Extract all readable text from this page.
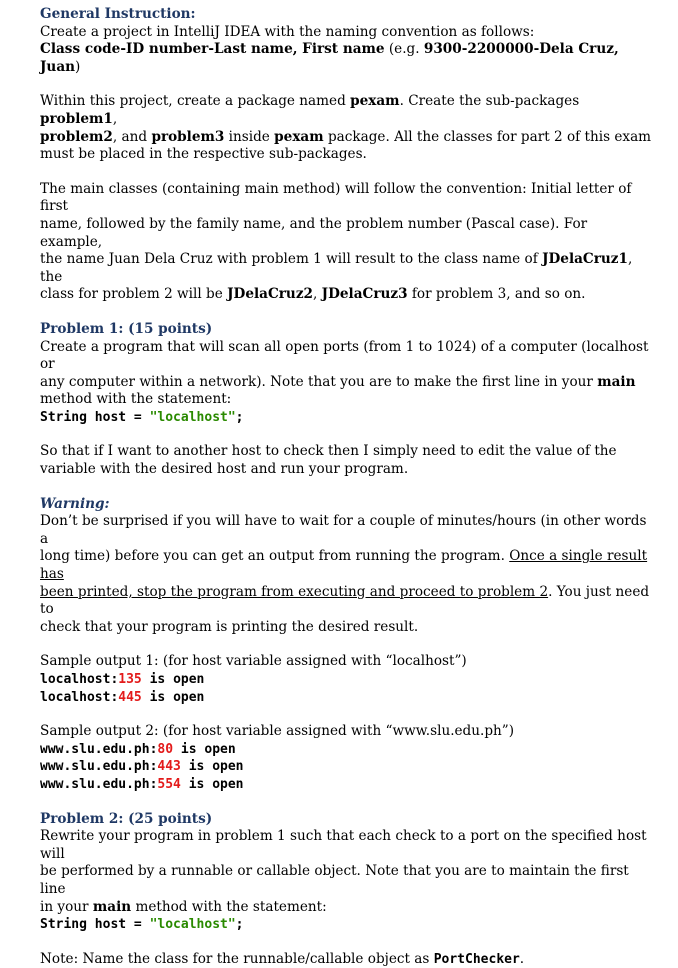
General Instruction:

Create a project in IntelliJ IDEA with the naming convention as follows:

Class code-ID number-Last name, First name (e.g. 9300-2200000-Dela Cruz, Juan)

Within this project, create a package named pexam. Create the sub-packages problem1,

problem2, and problem3 inside pexam package. All the classes for part 2 of this exam

must be placed in the respective sub-packages.

The main classes (containing main method) will follow the convention: Initial letter of first

name, followed by the family name, and the problem number (Pascal case). For example,

the name Juan Dela Cruz with problem 1 will result to the class name of JDelaCruz1, the

class for problem 2 will be JDelaCruz2, JDelaCruz3 for problem 3, and so on.

Problem 1: (15 points)

Create a program that will scan all open ports (from 1 to 1024) of a computer (localhost or

any computer within a network). Note that you are to make the first line in your main

method with the statement:

String host = "localhost";

So that if I want to another host to check then I simply need to edit the value of the

variable with the desired host and run your program.

Warning:

Don’t be surprised if you will have to wait for a couple of minutes/hours (in other words a

long time) before you can get an output from running the program. Once a single result has

been printed, stop the program from executing and proceed to problem 2. You just need to

check that your program is printing the desired result.

Sample output 1: (for host variable assigned with “localhost”)

localhost:135 is open

localhost:445 is open

Sample output 2: (for host variable assigned with “www.slu.edu.ph”)

www.slu.edu.ph:80 is open

www.slu.edu.ph:443 is open

www.slu.edu.ph:554 is open

Problem 2: (25 points)

Rewrite your program in problem 1 such that each check to a port on the specified host will

be performed by a runnable or callable object. Note that you are to maintain the first line

in your main method with the statement:

String host = "localhost";

Note: Name the class for the runnable/callable object as PortChecker.
